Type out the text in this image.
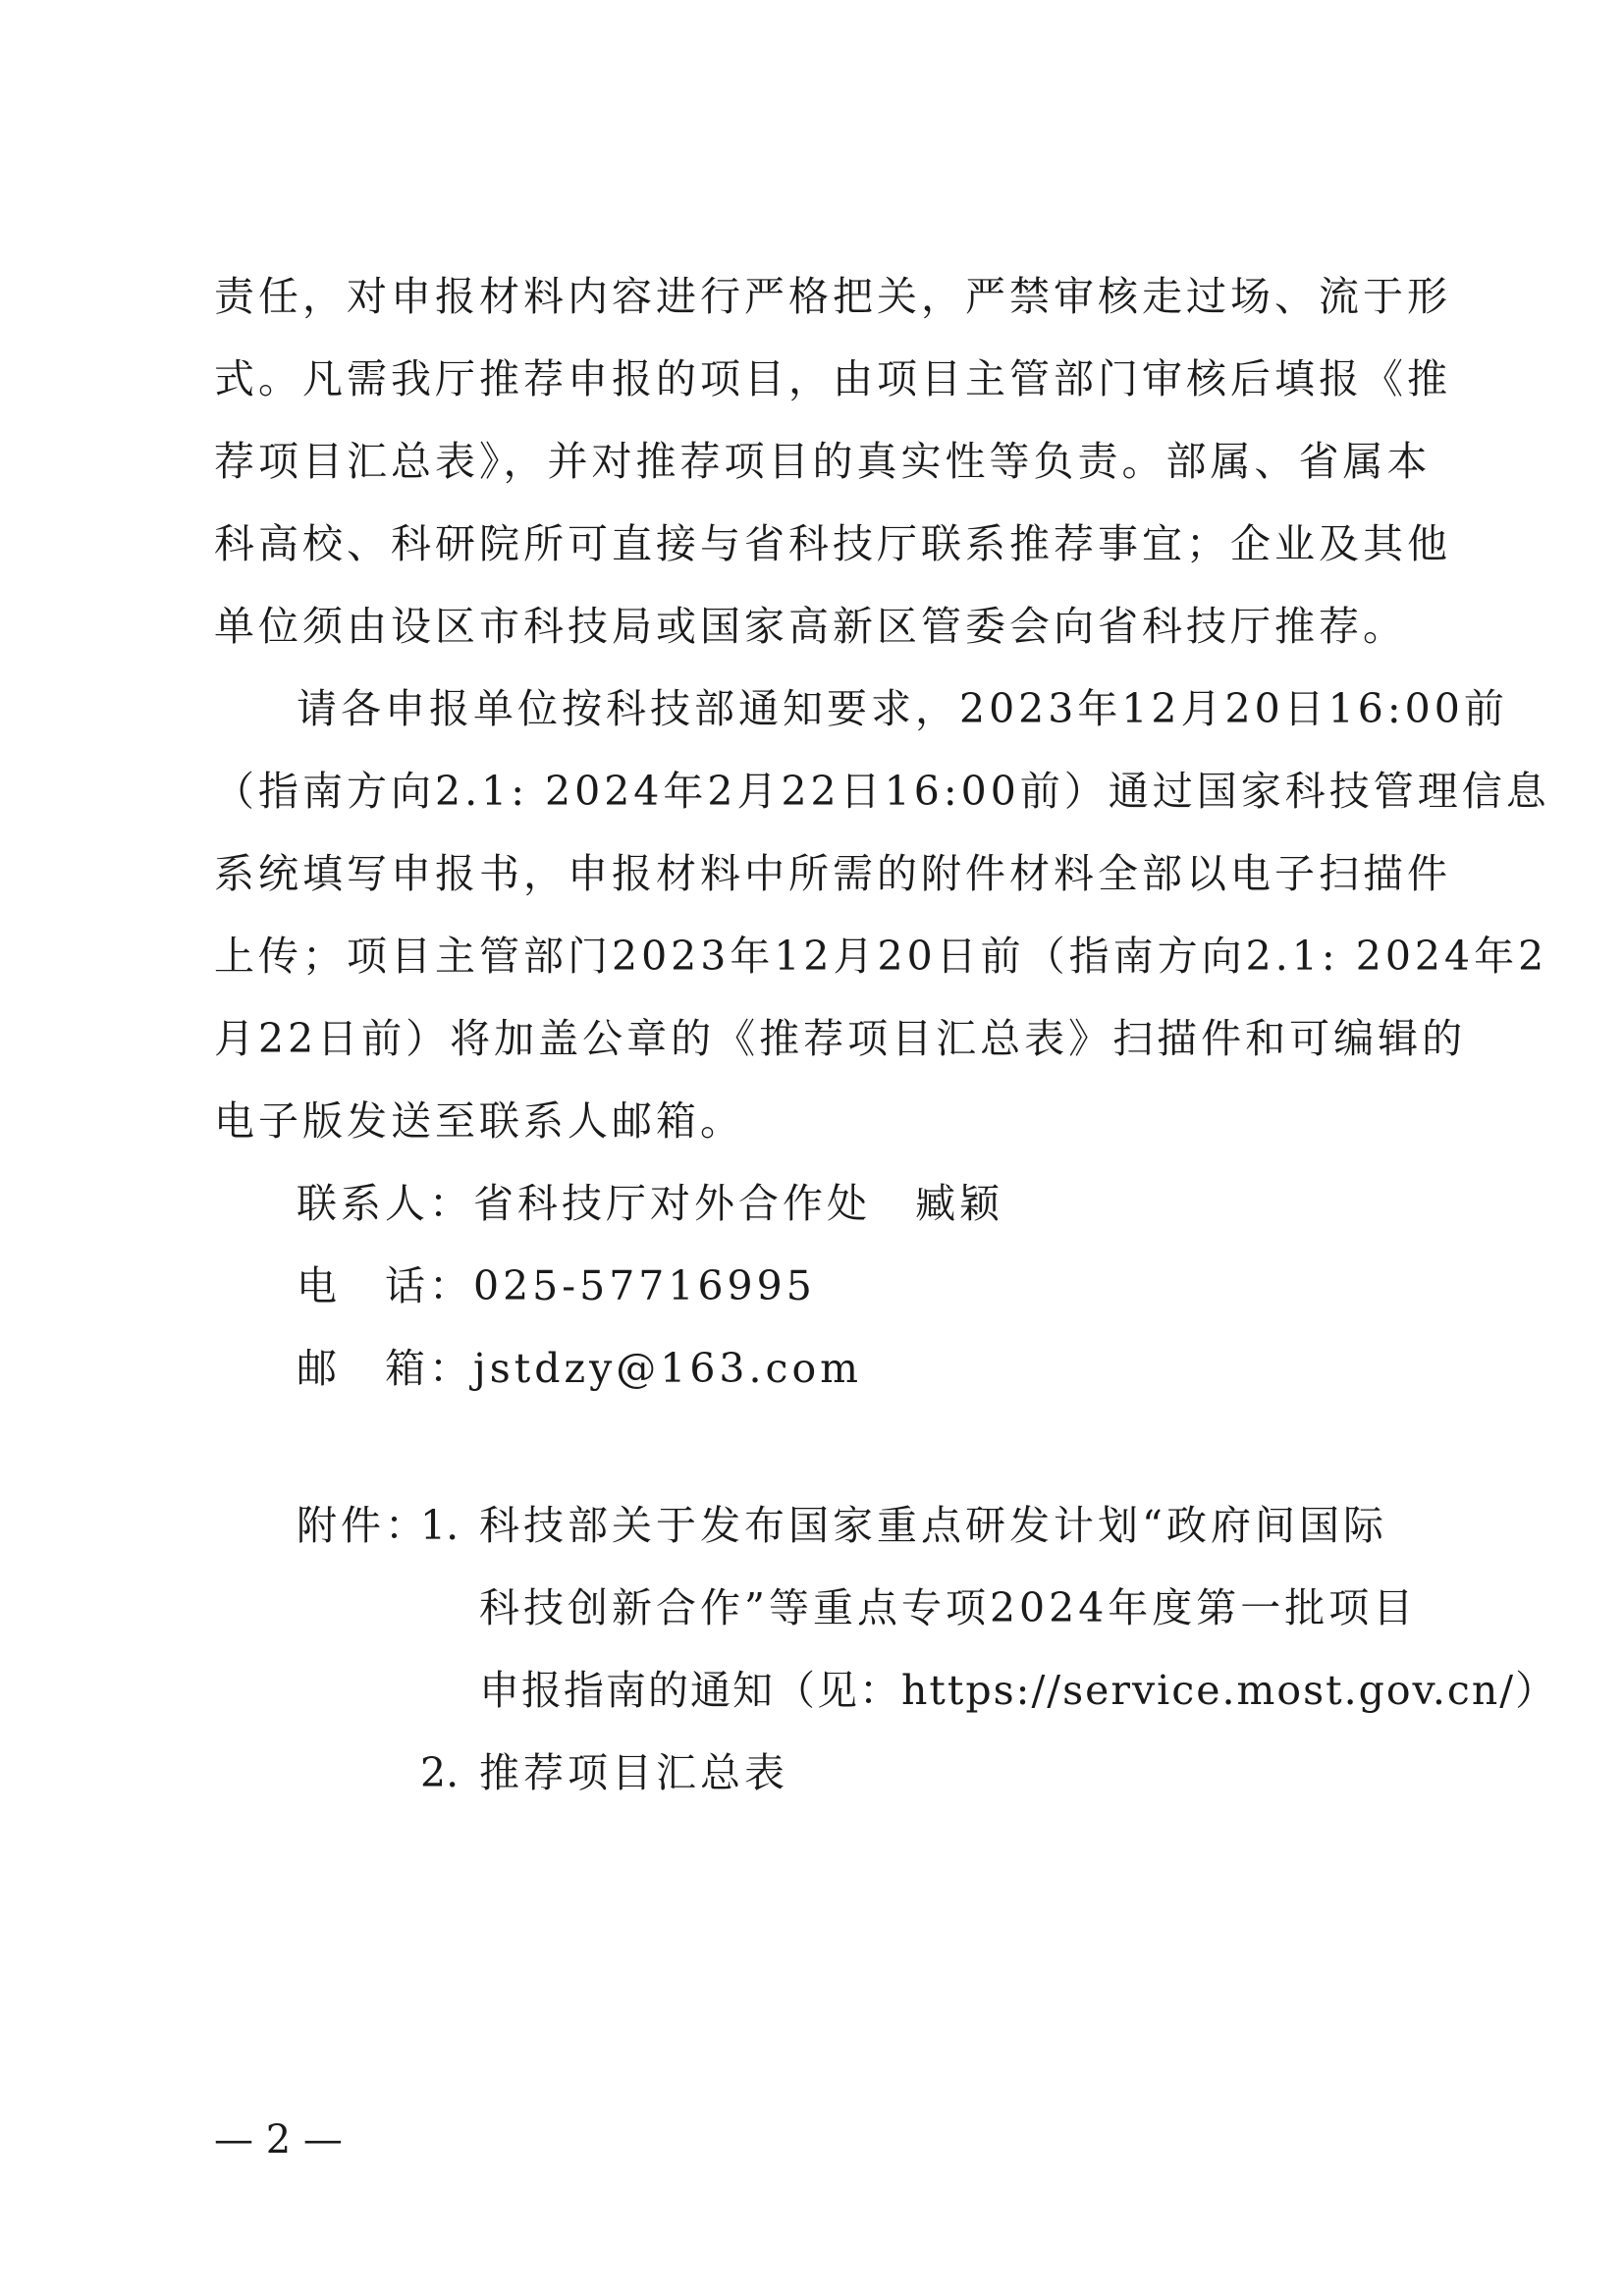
责任，对申报材料内容进行严格把关，严禁审核走过场、流于形
式。凡需我厅推荐申报的项目，由项目主管部门审核后填报《推
荐项目汇总表》，并对推荐项目的真实性等负责。部属、省属本
科高校、科研院所可直接与省科技厅联系推荐事宜；企业及其他
单位须由设区市科技局或国家高新区管委会向省科技厅推荐。
请各申报单位按科技部通知要求，2023年12月20日16:00前
（指南方向2.1: 2024年2月22日16:00前）通过国家科技管理信息
系统填写申报书，申报材料中所需的附件材料全部以电子扫描件
上传；项目主管部门2023年12月20日前（指南方向2.1: 2024年2
月22日前）将加盖公章的《推荐项目汇总表》扫描件和可编辑的
电子版发送至联系人邮箱。
联系人：省科技厅对外合作处　臧颖
电　话：025-57716995
邮　箱：jstdzy@163.com
附件：
1. 科技部关于发布国家重点研发计划“政府间国际
科技创新合作”等重点专项2024年度第一批项目
申报指南的通知（见：https://service.most.gov.cn/）
2. 推荐项目汇总表
— 2 —
